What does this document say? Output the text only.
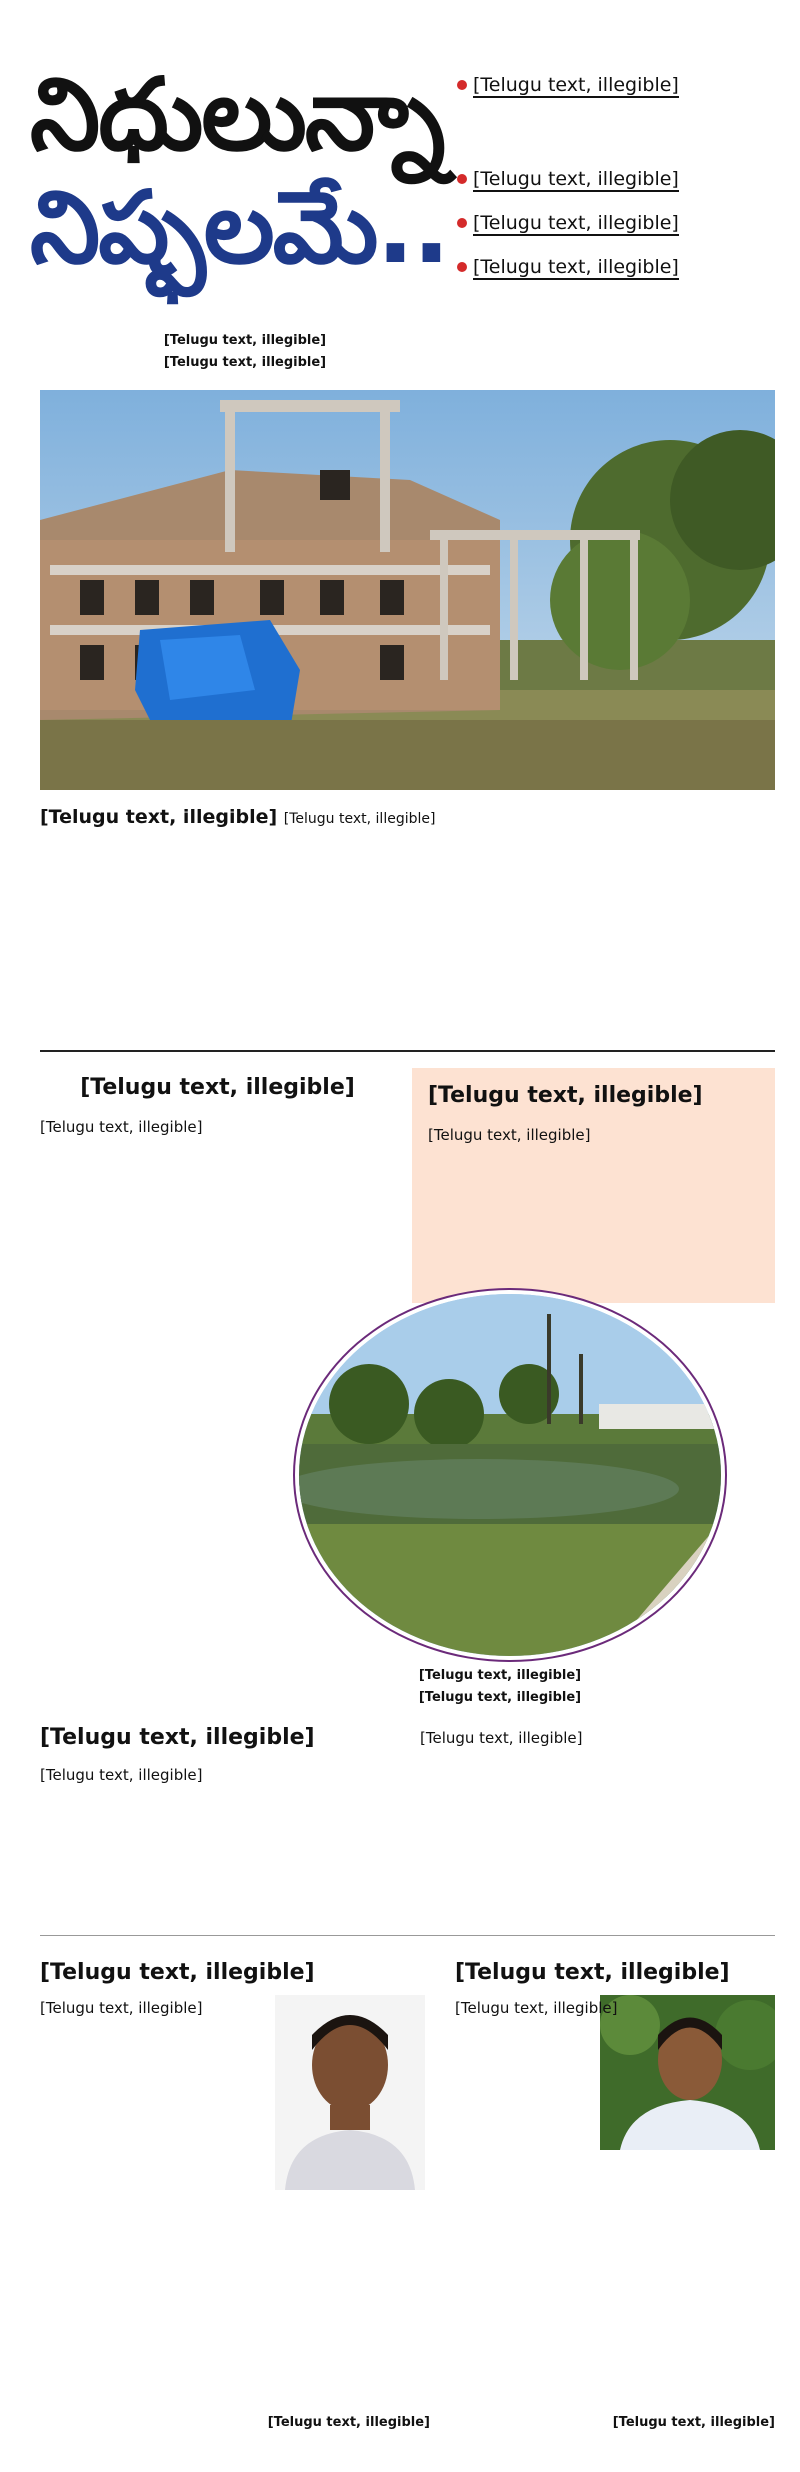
నిధులున్నా
నిష్ఫలమే..
[Telugu text, illegible]
[Telugu text, illegible]
[Telugu text, illegible]
[Telugu text, illegible]
[Telugu text, illegible]
[Telugu text, illegible]
[Telugu text, illegible] [Telugu text, illegible]
[Telugu text, illegible]
[Telugu text, illegible]
[Telugu text, illegible]
[Telugu text, illegible]
[Telugu text, illegible]
[Telugu text, illegible]
[Telugu text, illegible]
[Telugu text, illegible]
[Telugu text, illegible]
[Telugu text, illegible]
[Telugu text, illegible]
[Telugu text, illegible]
[Telugu text, illegible]
[Telugu text, illegible]
[Telugu text, illegible]
